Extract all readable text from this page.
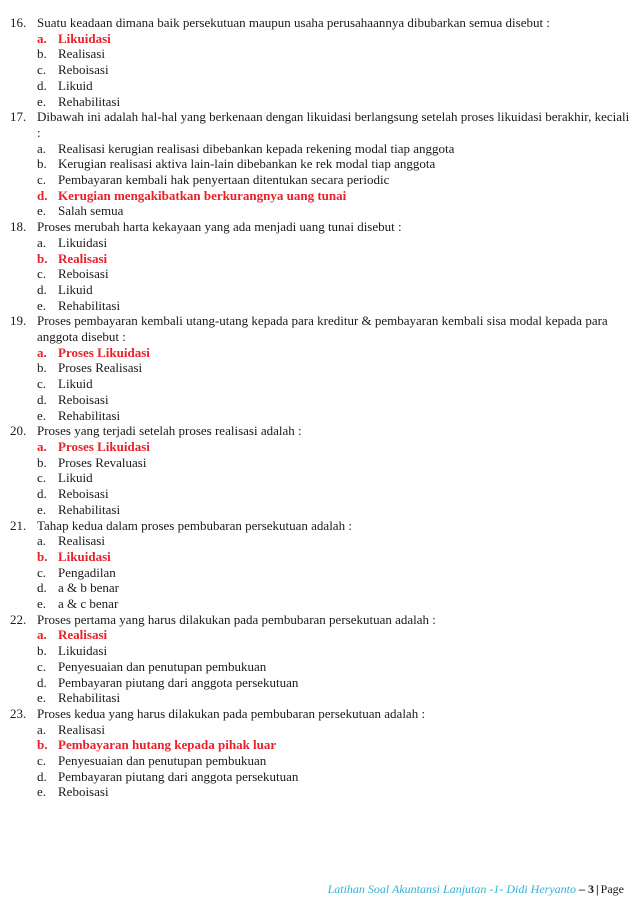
16. Suatu keadaan dimana baik persekutuan maupun usaha perusahaannya dibubarkan semua disebut :
a. Likuidasi
b. Realisasi
c. Reboisasi
d. Likuid
e. Rehabilitasi
17. Dibawah ini adalah hal-hal yang berkenaan dengan likuidasi berlangsung setelah proses likuidasi berakhir, keciali :
a. Realisasi kerugian realisasi dibebankan kepada rekening modal tiap anggota
b. Kerugian realisasi aktiva lain-lain dibebankan ke rek modal tiap anggota
c. Pembayaran kembali hak penyertaan ditentukan secara periodic
d. Kerugian mengakibatkan berkurangnya uang tunai
e. Salah semua
18. Proses merubah harta kekayaan yang ada menjadi uang tunai disebut :
a. Likuidasi
b. Realisasi
c. Reboisasi
d. Likuid
e. Rehabilitasi
19. Proses pembayaran kembali utang-utang kepada para kreditur & pembayaran kembali sisa modal kepada para anggota disebut :
a. Proses Likuidasi
b. Proses Realisasi
c. Likuid
d. Reboisasi
e. Rehabilitasi
20. Proses yang terjadi setelah proses realisasi adalah :
a. Proses Likuidasi
b. Proses Revaluasi
c. Likuid
d. Reboisasi
e. Rehabilitasi
21. Tahap kedua dalam proses pembubaran persekutuan adalah :
a. Realisasi
b. Likuidasi
c. Pengadilan
d. a & b benar
e. a & c benar
22. Proses pertama yang harus dilakukan pada pembubaran persekutuan adalah :
a. Realisasi
b. Likuidasi
c. Penyesuaian dan penutupan pembukuan
d. Pembayaran piutang dari anggota persekutuan
e. Rehabilitasi
23. Proses kedua yang harus dilakukan pada pembubaran persekutuan adalah :
a. Realisasi
b. Pembayaran hutang kepada pihak luar
c. Penyesuaian dan penutupan pembukuan
d. Pembayaran piutang dari anggota persekutuan
e. Reboisasi
Latihan Soal Akuntansi Lanjutan -1- Didi Heryanto – 3 | Page
